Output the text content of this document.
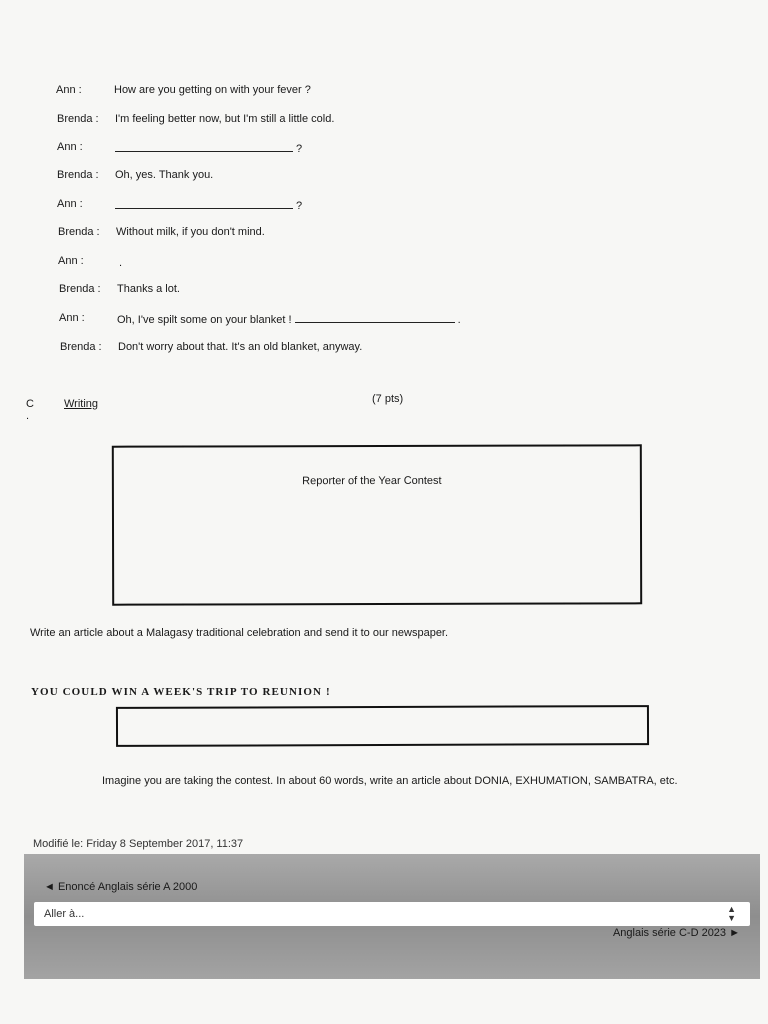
Ann :	How are you getting on with your fever ?
Brenda :	I'm feeling better now, but I'm still a little cold.
Ann :	?
Brenda :	Oh, yes. Thank you.
Ann :	?
Brenda :	Without milk, if you don't mind.
Ann :	.
Brenda :	Thanks a lot.
Ann :	Oh, I've spilt some on your blanket !	.
Brenda :	Don't worry about that. It's an old blanket, anyway.
C .
Writing	(7 pts)
Reporter of the Year Contest
Write an article about a Malagasy traditional celebration and send it to our newspaper.
YOU COULD WIN A WEEK'S TRIP TO REUNION !
Imagine you are taking the contest. In about 60 words, write an article about DONIA, EXHUMATION, SAMBATRA, etc.
Modifié le: Friday 8 September 2017, 11:37
◄ Enoncé Anglais série A 2000
Aller à...	▲
▼
Anglais série C-D 2023 ►
